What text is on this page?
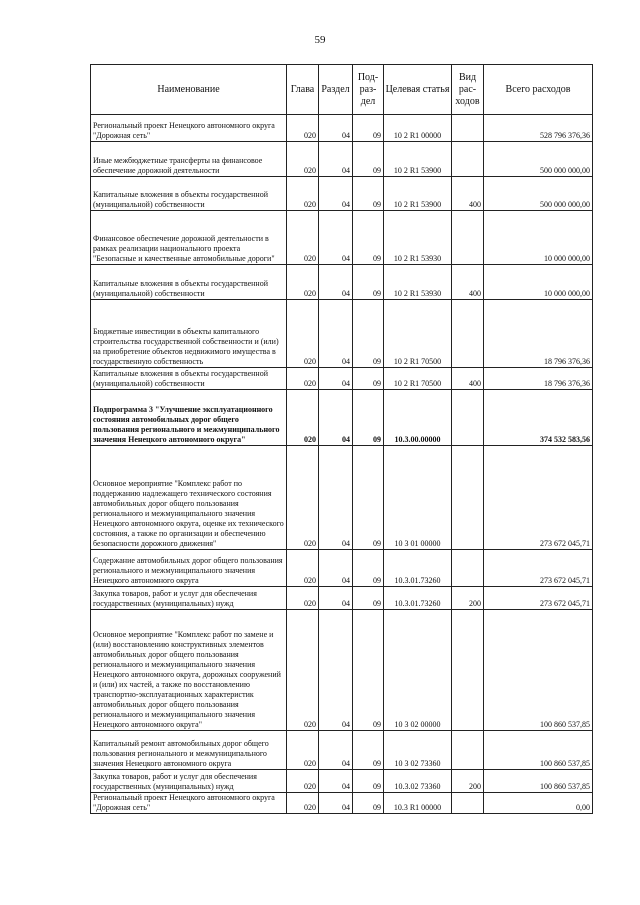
59
Наименование	Глава	Раздел	Под- раз- дел	Целевая статья	Вид рас- ходов	Всего расходов
Региональный проект Ненецкого автономного округа "Дорожная сеть"	020	04	09	10 2 R1 00000		528 796 376,36
Иные межбюджетные трансферты на финансовое обеспечение дорожной деятельности	020	04	09	10 2 R1 53900		500 000 000,00
Капитальные вложения в объекты государственной (муниципальной) собственности	020	04	09	10 2 R1 53900	400	500 000 000,00
Финансовое обеспечение дорожной деятельности в рамках реализации национального проекта "Безопасные и качественные автомобильные дороги"	020	04	09	10 2 R1 53930		10 000 000,00
Капитальные вложения в объекты государственной (муниципальной) собственности	020	04	09	10 2 R1 53930	400	10 000 000,00
Бюджетные инвестиции в объекты капитального строительства государственной собственности и (или) на приобретение объектов недвижимого имущества в государственную собственность	020	04	09	10 2 R1 70500		18 796 376,36
Капитальные вложения в объекты государственной (муниципальной) собственности	020	04	09	10 2 R1 70500	400	18 796 376,36
Подпрограмма 3 "Улучшение эксплуатационного состояния автомобильных дорог общего пользования регионального и межмуниципального значения Ненецкого автономного округа"	020	04	09	10.3.00.00000		374 532 583,56
Основное мероприятие "Комплекс работ по поддержанию надлежащего технического состояния автомобильных дорог общего пользования регионального и межмуниципального значения Ненецкого автономного округа, оценке их технического состояния, а также по организации и обеспечению безопасности дорожного движения"	020	04	09	10 3 01 00000		273 672 045,71
Содержание автомобильных дорог общего пользования регионального и межмуниципального значения Ненецкого автономного округа	020	04	09	10.3.01.73260		273 672 045,71
Закупка товаров, работ и услуг для обеспечения государственных (муниципальных) нужд	020	04	09	10.3.01.73260	200	273 672 045,71
Основное мероприятие "Комплекс работ по замене и (или) восстановлению конструктивных элементов автомобильных дорог общего пользования регионального и межмуниципального значения Ненецкого автономного округа, дорожных сооружений и (или) их частей, а также по восстановлению транспортно-эксплуатационных характеристик автомобильных дорог общего пользования регионального и межмуниципального значения Ненецкого автономного округа"	020	04	09	10 3 02 00000		100 860 537,85
Капитальный ремонт автомобильных дорог общего пользования регионального и межмуниципального значения Ненецкого автономного округа	020	04	09	10 3 02 73360		100 860 537,85
Закупка товаров, работ и услуг для обеспечения государственных (муниципальных) нужд	020	04	09	10.3.02 73360	200	100 860 537,85
Региональный проект Ненецкого автономного округа "Дорожная сеть"	020	04	09	10.3 R1 00000		0,00
